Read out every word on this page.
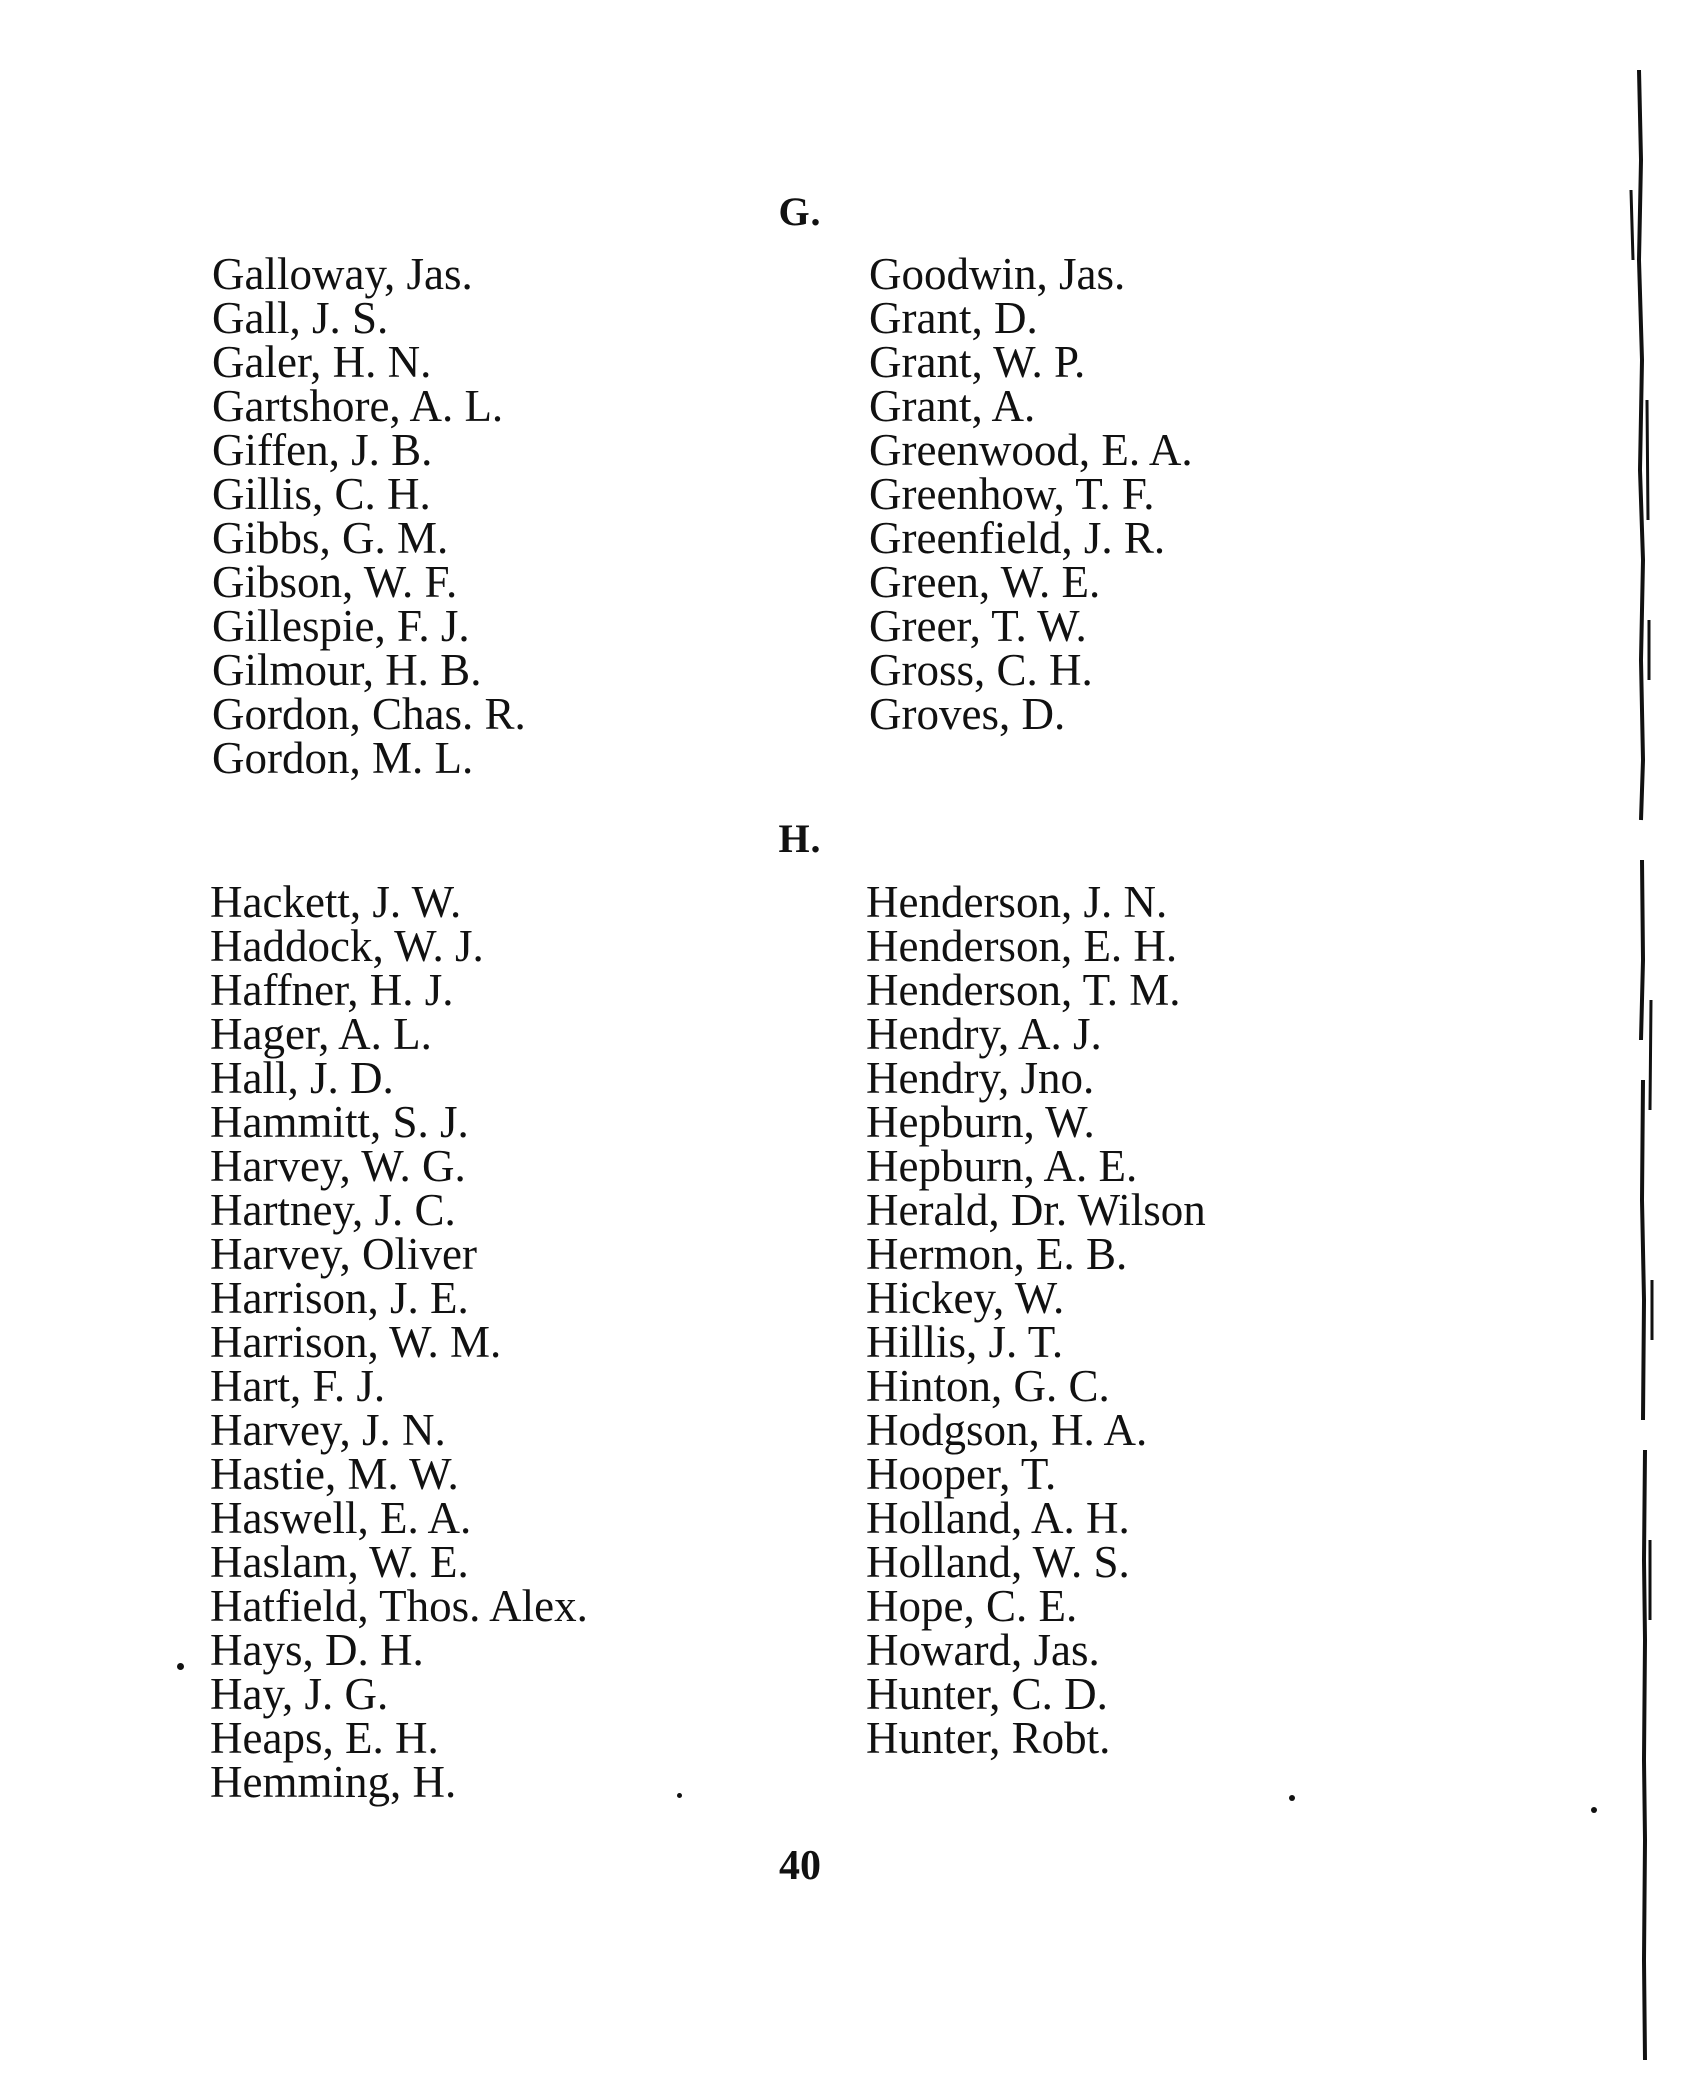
G.
Galloway, Jas.
Gall, J. S.
Galer, H. N.
Gartshore, A. L.
Giffen, J. B.
Gillis, C. H.
Gibbs, G. M.
Gibson, W. F.
Gillespie, F. J.
Gilmour, H. B.
Gordon, Chas. R.
Gordon, M. L.
Goodwin, Jas.
Grant, D.
Grant, W. P.
Grant, A.
Greenwood, E. A.
Greenhow, T. F.
Greenfield, J. R.
Green, W. E.
Greer, T. W.
Gross, C. H.
Groves, D.
H.
Hackett, J. W.
Haddock, W. J.
Haffner, H. J.
Hager, A. L.
Hall, J. D.
Hammitt, S. J.
Harvey, W. G.
Hartney, J. C.
Harvey, Oliver
Harrison, J. E.
Harrison, W. M.
Hart, F. J.
Harvey, J. N.
Hastie, M. W.
Haswell, E. A.
Haslam, W. E.
Hatfield, Thos. Alex.
Hays, D. H.
Hay, J. G.
Heaps, E. H.
Hemming, H.
Henderson, J. N.
Henderson, E. H.
Henderson, T. M.
Hendry, A. J.
Hendry, Jno.
Hepburn, W.
Hepburn, A. E.
Herald, Dr. Wilson
Hermon, E. B.
Hickey, W.
Hillis, J. T.
Hinton, G. C.
Hodgson, H. A.
Hooper, T.
Holland, A. H.
Holland, W. S.
Hope, C. E.
Howard, Jas.
Hunter, C. D.
Hunter, Robt.
40
